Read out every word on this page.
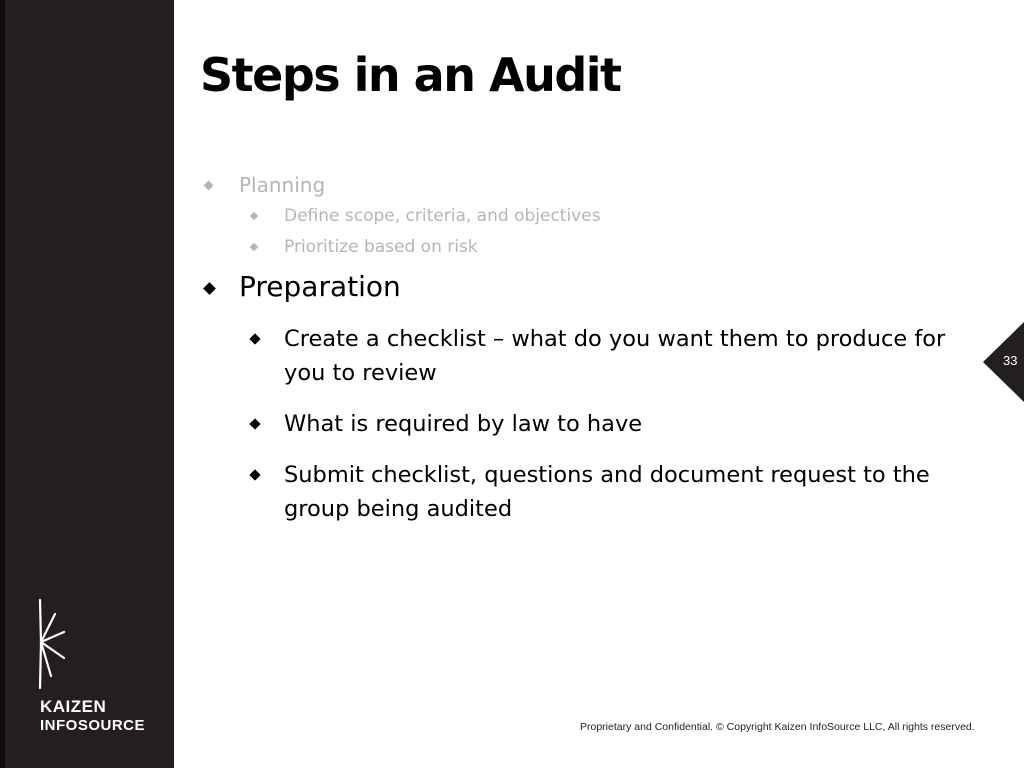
KAIZEN
INFOSOURCE
Steps in an Audit
Planning
Define scope, criteria, and objectives
Prioritize based on risk
Preparation
Create a checklist – what do you want them to produce for you to review
What is required by law to have
Submit checklist, questions and document request to the group being audited
33
Proprietary and Confidential. © Copyright Kaizen InfoSource LLC, All rights reserved.
